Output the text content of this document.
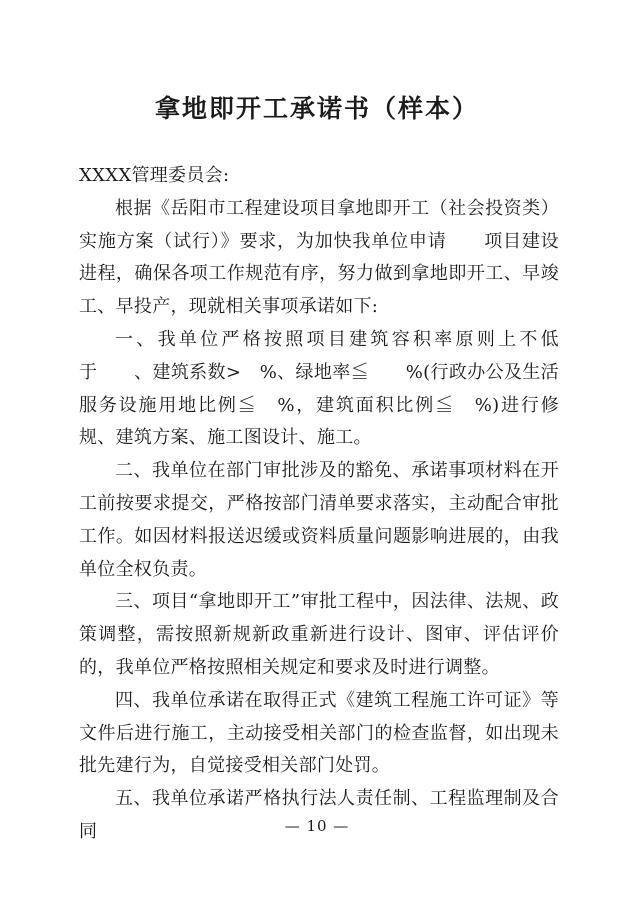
拿地即开工承诺书（样本）

XXXX管理委员会:

根据《岳阳市工程建设项目拿地即开工（社会投资类）实施方案（试行）》要求，为加快我单位申请　　项目建设进程，确保各项工作规范有序，努力做到拿地即开工、早竣工、早投产，现就相关事项承诺如下:

一、我单位严格按照项目建筑容积率原则上不低于　　、建筑系数>　%、绿地率≦　　%(行政办公及生活服务设施用地比例≦　%，建筑面积比例≦　%)进行修规、建筑方案、施工图设计、施工。

二、我单位在部门审批涉及的豁免、承诺事项材料在开工前按要求提交，严格按部门清单要求落实，主动配合审批工作。如因材料报送迟缓或资料质量问题影响进展的，由我单位全权负责。

三、项目“拿地即开工”审批工程中，因法律、法规、政策调整，需按照新规新政重新进行设计、图审、评估评价的，我单位严格按照相关规定和要求及时进行调整。

四、我单位承诺在取得正式《建筑工程施工许可证》等文件后进行施工，主动接受相关部门的检查监督，如出现未批先建行为，自觉接受相关部门处罚。

五、我单位承诺严格执行法人责任制、工程监理制及合同	— 10 —
